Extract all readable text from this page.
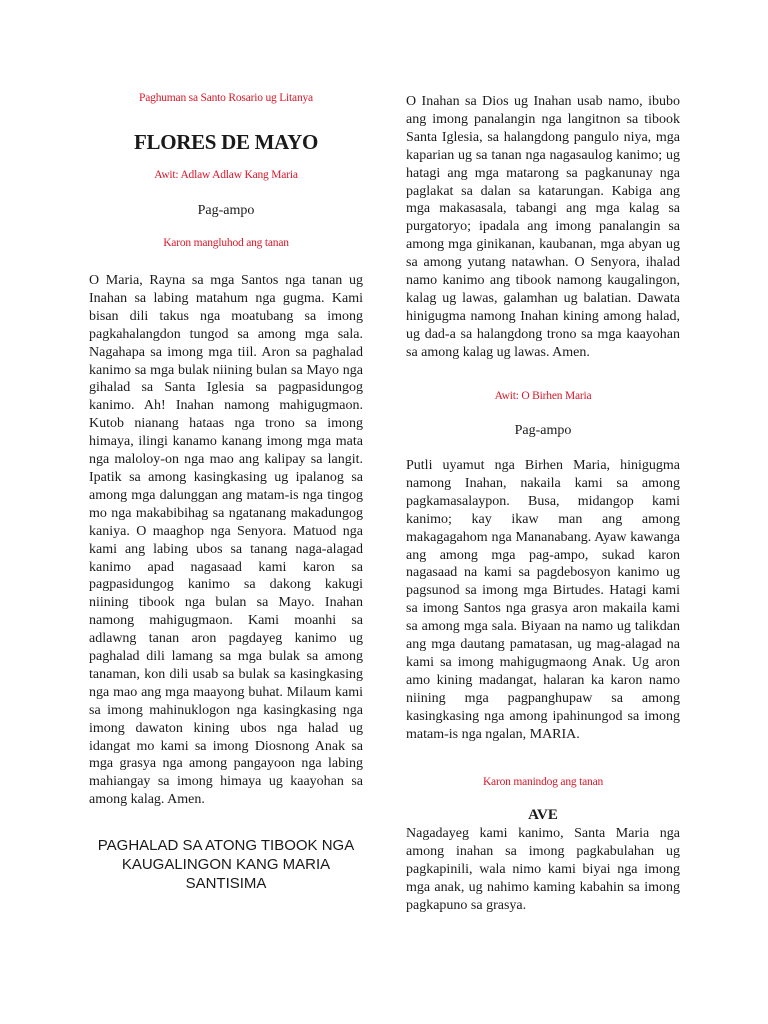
Paghuman sa Santo Rosario ug Litanya
FLORES DE MAYO
Awit: Adlaw Adlaw Kang Maria
Pag-ampo
Karon mangluhod ang tanan

O Maria, Rayna sa mga Santos nga tanan ug Inahan sa labing matahum nga gugma. Kami bisan dili takus nga moatubang sa imong pagkahalangdon tungod sa among mga sala. Nagahapa sa imong mga tiil. Aron sa paghalad kanimo sa mga bulak niining bulan sa Mayo nga gihalad sa Santa Iglesia sa pagpasidungog kanimo. Ah! Inahan namong mahigugmaon. Kutob nianang hataas nga trono sa imong himaya, ilingi kanamo kanang imong mga mata nga maloloy-on nga mao ang kalipay sa langit. Ipatik sa among kasingkasing ug ipalanog sa among mga dalunggan ang matam-is nga tingog mo nga makabibihag sa ngatanang makadungog kaniya. O maaghop nga Senyora. Matuod nga kami ang labing ubos sa tanang naga-alagad kanimo apad nagasaad kami karon sa pagpasidungog kanimo sa dakong kakugi niining tibook nga bulan sa Mayo. Inahan namong mahigugmaon. Kami moanhi sa adlawng tanan aron pagdayeg kanimo ug paghalad dili lamang sa mga bulak sa among tanaman, kon dili usab sa bulak sa kasingkasing nga mao ang mga maayong buhat. Milaum kami sa imong mahinuklogon nga kasingkasing nga imong dawaton kining ubos nga halad ug idangat mo kami sa imong Diosnong Anak sa mga grasya nga among pangayoon nga labing mahiangay sa imong himaya ug kaayohan sa among kalag. Amen.

PAGHALAD SA ATONG TIBOOK NGA
KAUGALINGON KANG MARIA
SANTISIMA

O Inahan sa Dios ug Inahan usab namo, ibubo ang imong panalangin nga langitnon sa tibook Santa Iglesia, sa halangdong pangulo niya, mga kaparian ug sa tanan nga nagasaulog kanimo; ug hatagi ang mga matarong sa pagkanunay nga paglakat sa dalan sa katarungan. Kabiga ang mga makasasala, tabangi ang mga kalag sa purgatoryo; ipadala ang imong panalangin sa among mga ginikanan, kaubanan, mga abyan ug sa among yutang natawhan. O Senyora, ihalad namo kanimo ang tibook namong kaugalingon, kalag ug lawas, galamhan ug balatian. Dawata hinigugma namong Inahan kining among halad, ug dad-a sa halangdong trono sa mga kaayohan sa among kalag ug lawas. Amen.

Awit: O Birhen Maria
Pag-ampo

Putli uyamut nga Birhen Maria, hinigugma namong Inahan, nakaila kami sa among pagkamasalaypon. Busa, midangop kami kanimo; kay ikaw man ang among makagagahom nga Mananabang. Ayaw kawanga ang among mga pag-ampo, sukad karon nagasaad na kami sa pagdebosyon kanimo ug pagsunod sa imong mga Birtudes. Hatagi kami sa imong Santos nga grasya aron makaila kami sa among mga sala. Biyaan na namo ug talikdan ang mga dautang pamatasan, ug mag-alagad na kami sa imong mahigugmaong Anak. Ug aron amo kining madangat, halaran ka karon namo niining mga pagpanghupaw sa among kasingkasing nga among ipahinungod sa imong matam-is nga ngalan, MARIA.

Karon manindog ang tanan
AVE

Nagadayeg kami kanimo, Santa Maria nga among inahan sa imong pagkabulahan ug pagkapinili, wala nimo kami biyai nga imong mga anak, ug nahimo kaming kabahin sa imong pagkapuno sa grasya.
